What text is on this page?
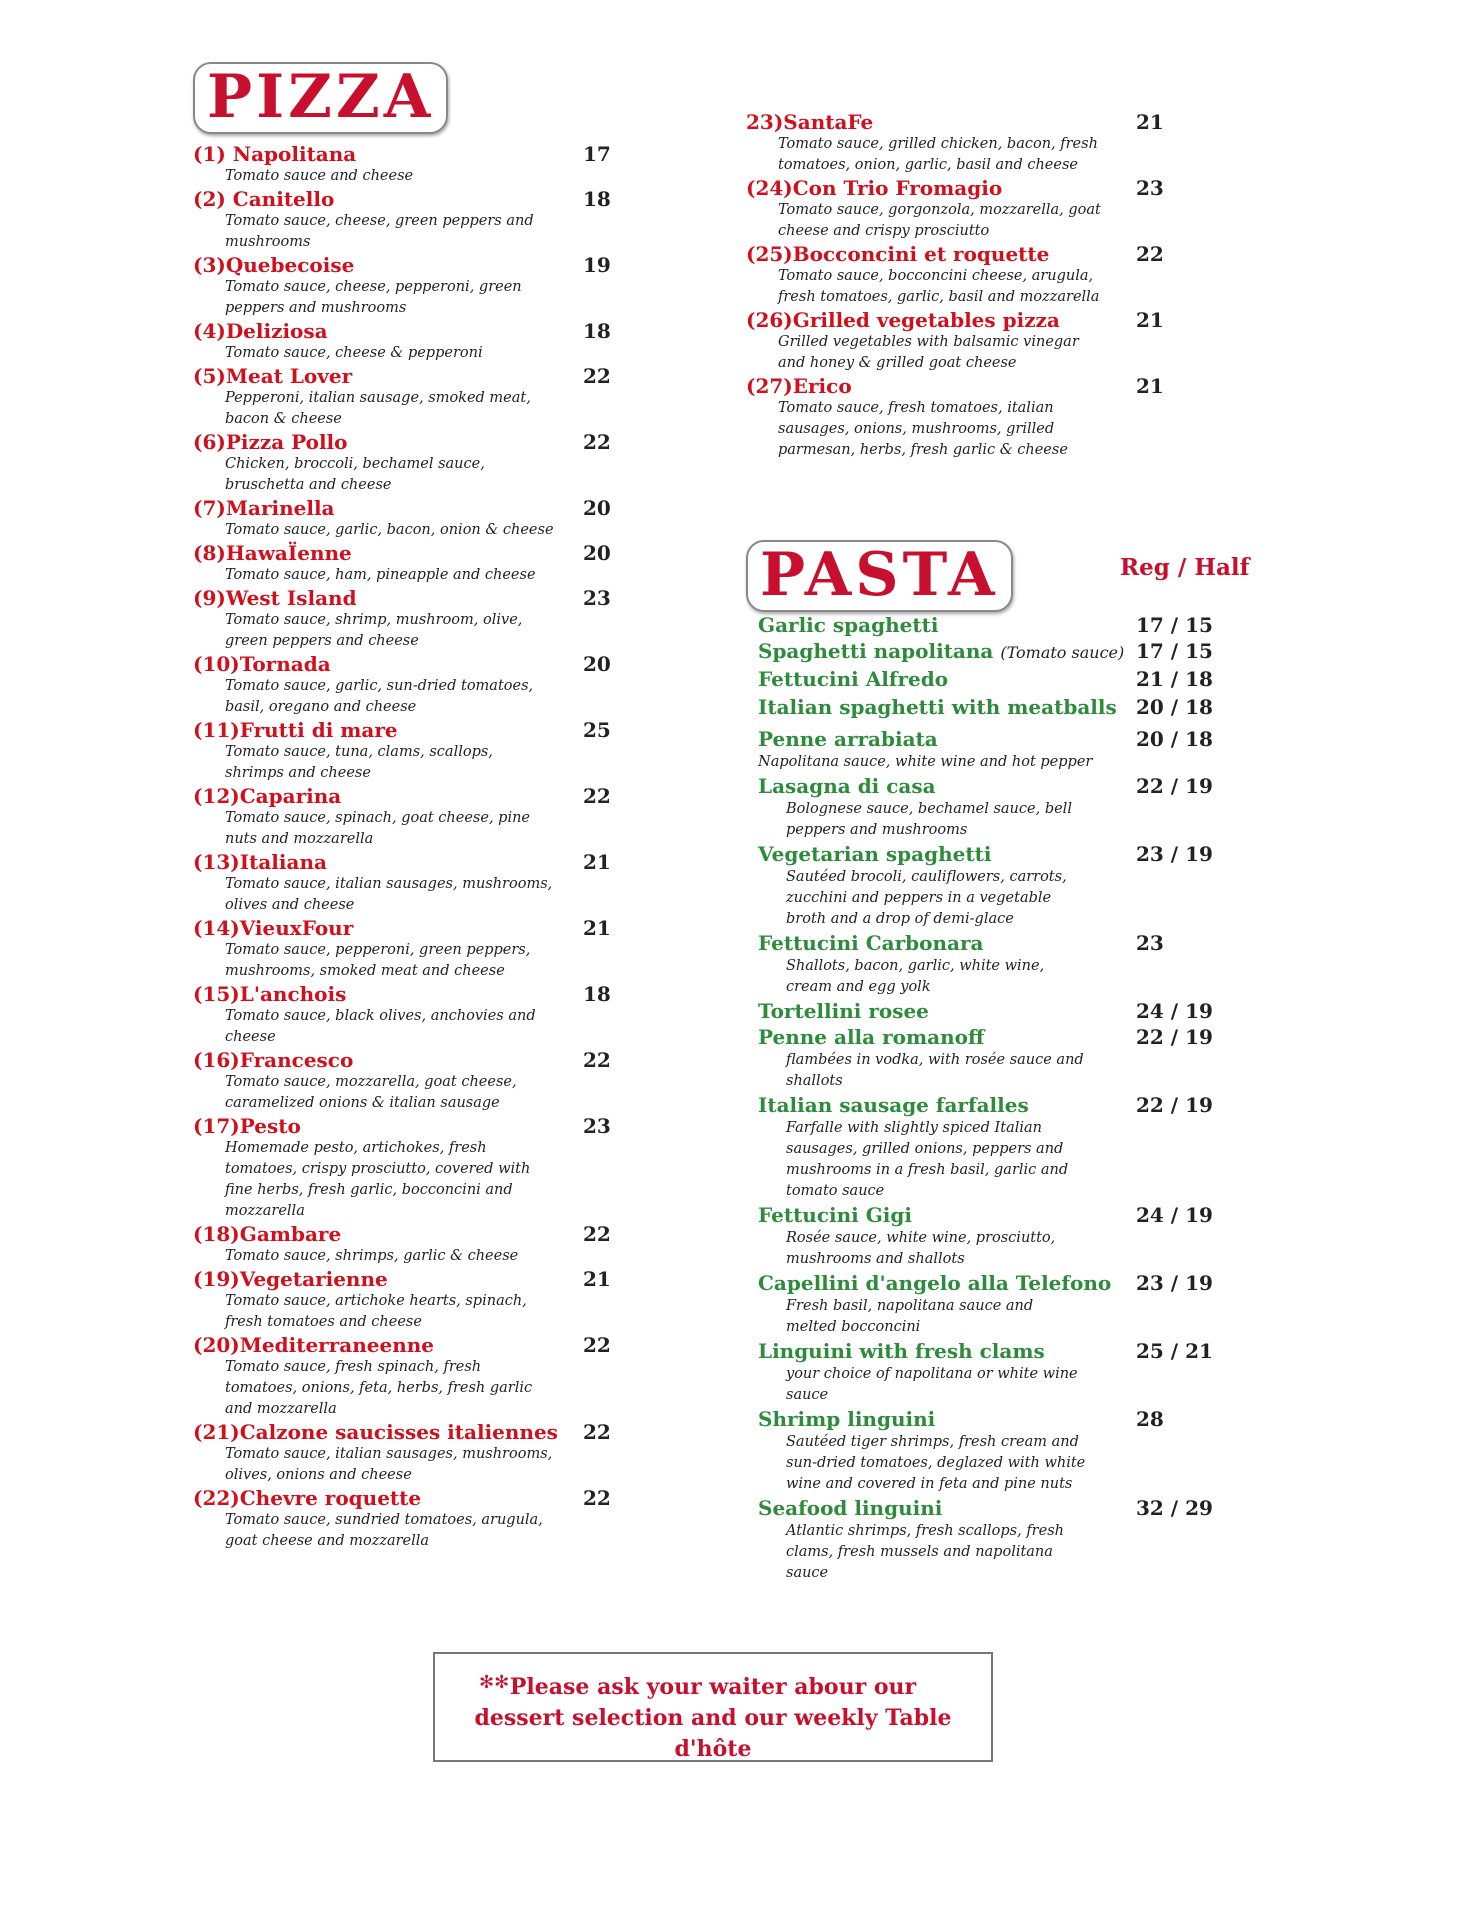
PIZZA
(1) Napolitana	17
Tomato sauce and cheese
(2) Canitello	18
Tomato sauce, cheese, green peppers and mushrooms
(3)Quebecoise	19
Tomato sauce, cheese, pepperoni, green peppers and mushrooms
(4)Deliziosa	18
Tomato sauce, cheese & pepperoni
(5)Meat Lover	22
Pepperoni, italian sausage, smoked meat, bacon & cheese
(6)Pizza Pollo	22
Chicken, broccoli, bechamel sauce, bruschetta and cheese
(7)Marinella	20
Tomato sauce, garlic, bacon, onion & cheese
(8)HawaÏenne	20
Tomato sauce, ham, pineapple and cheese
(9)West Island	23
Tomato sauce, shrimp, mushroom, olive, green peppers and cheese
(10)Tornada	20
Tomato sauce, garlic, sun-dried tomatoes, basil, oregano and cheese
(11)Frutti di mare	25
Tomato sauce, tuna, clams, scallops, shrimps and cheese
(12)Caparina	22
Tomato sauce, spinach, goat cheese, pine nuts and mozzarella
(13)Italiana	21
Tomato sauce, italian sausages, mushrooms, olives and cheese
(14)VieuxFour	21
Tomato sauce, pepperoni, green peppers, mushrooms, smoked meat and cheese
(15)L'anchois	18
Tomato sauce, black olives, anchovies and cheese
(16)Francesco	22
Tomato sauce, mozzarella, goat cheese, caramelized onions & italian sausage
(17)Pesto	23
Homemade pesto, artichokes, fresh tomatoes, crispy prosciutto, covered with fine herbs, fresh garlic, bocconcini and mozzarella
(18)Gambare	22
Tomato sauce, shrimps, garlic & cheese
(19)Vegetarienne	21
Tomato sauce, artichoke hearts, spinach, fresh tomatoes and cheese
(20)Mediterraneenne	22
Tomato sauce, fresh spinach, fresh tomatoes, onions, feta, herbs, fresh garlic and mozzarella
(21)Calzone saucisses italiennes	22
Tomato sauce, italian sausages, mushrooms, olives, onions and cheese
(22)Chevre roquette	22
Tomato sauce, sundried tomatoes, arugula, goat cheese and mozzarella
23)SantaFe	21
Tomato sauce, grilled chicken, bacon, fresh tomatoes, onion, garlic, basil and cheese
(24)Con Trio Fromagio	23
Tomato sauce, gorgonzola, mozzarella, goat cheese and crispy prosciutto
(25)Bocconcini et roquette	22
Tomato sauce, bocconcini cheese, arugula, fresh tomatoes, garlic, basil and mozzarella
(26)Grilled vegetables pizza	21
Grilled vegetables with balsamic vinegar and honey & grilled goat cheese
(27)Erico	21
Tomato sauce, fresh tomatoes, italian sausages, onions, mushrooms, grilled parmesan, herbs, fresh garlic & cheese
PASTA	Reg / Half
Garlic spaghetti	17 / 15
Spaghetti napolitana (Tomato sauce) 17 / 15
Fettucini Alfredo	21 / 18
Italian spaghetti with meatballs 20 / 18
Penne arrabiata	20 / 18
Napolitana sauce, white wine and hot pepper
Lasagna di casa	22 / 19
Bolognese sauce, bechamel sauce, bell peppers and mushrooms
Vegetarian spaghetti	23 / 19
Sautéed brocoli, cauliflowers, carrots, zucchini and peppers in a vegetable broth and a drop of demi-glace
Fettucini Carbonara	23
Shallots, bacon, garlic, white wine, cream and egg yolk
Tortellini rosee	24 / 19
Penne alla romanoff	22 / 19
flambées in vodka, with rosée sauce and shallots
Italian sausage farfalles	22 / 19
Farfalle with slightly spiced Italian sausages, grilled onions, peppers and mushrooms in a fresh basil, garlic and tomato sauce
Fettucini Gigi	24 / 19
Rosée sauce, white wine, prosciutto, mushrooms and shallots
Capellini d'angelo alla Telefono	23 / 19
Fresh basil, napolitana sauce and melted bocconcini
Linguini with fresh clams	25 / 21
your choice of napolitana or white wine sauce
Shrimp linguini	28
Sautéed tiger shrimps, fresh cream and sun-dried tomatoes, deglazed with white wine and covered in feta and pine nuts
Seafood linguini	32 / 29
Atlantic shrimps, fresh scallops, fresh clams, fresh mussels and napolitana sauce
✻✻ Please ask your waiter abour our
dessert selection and our weekly Table d'hôte
